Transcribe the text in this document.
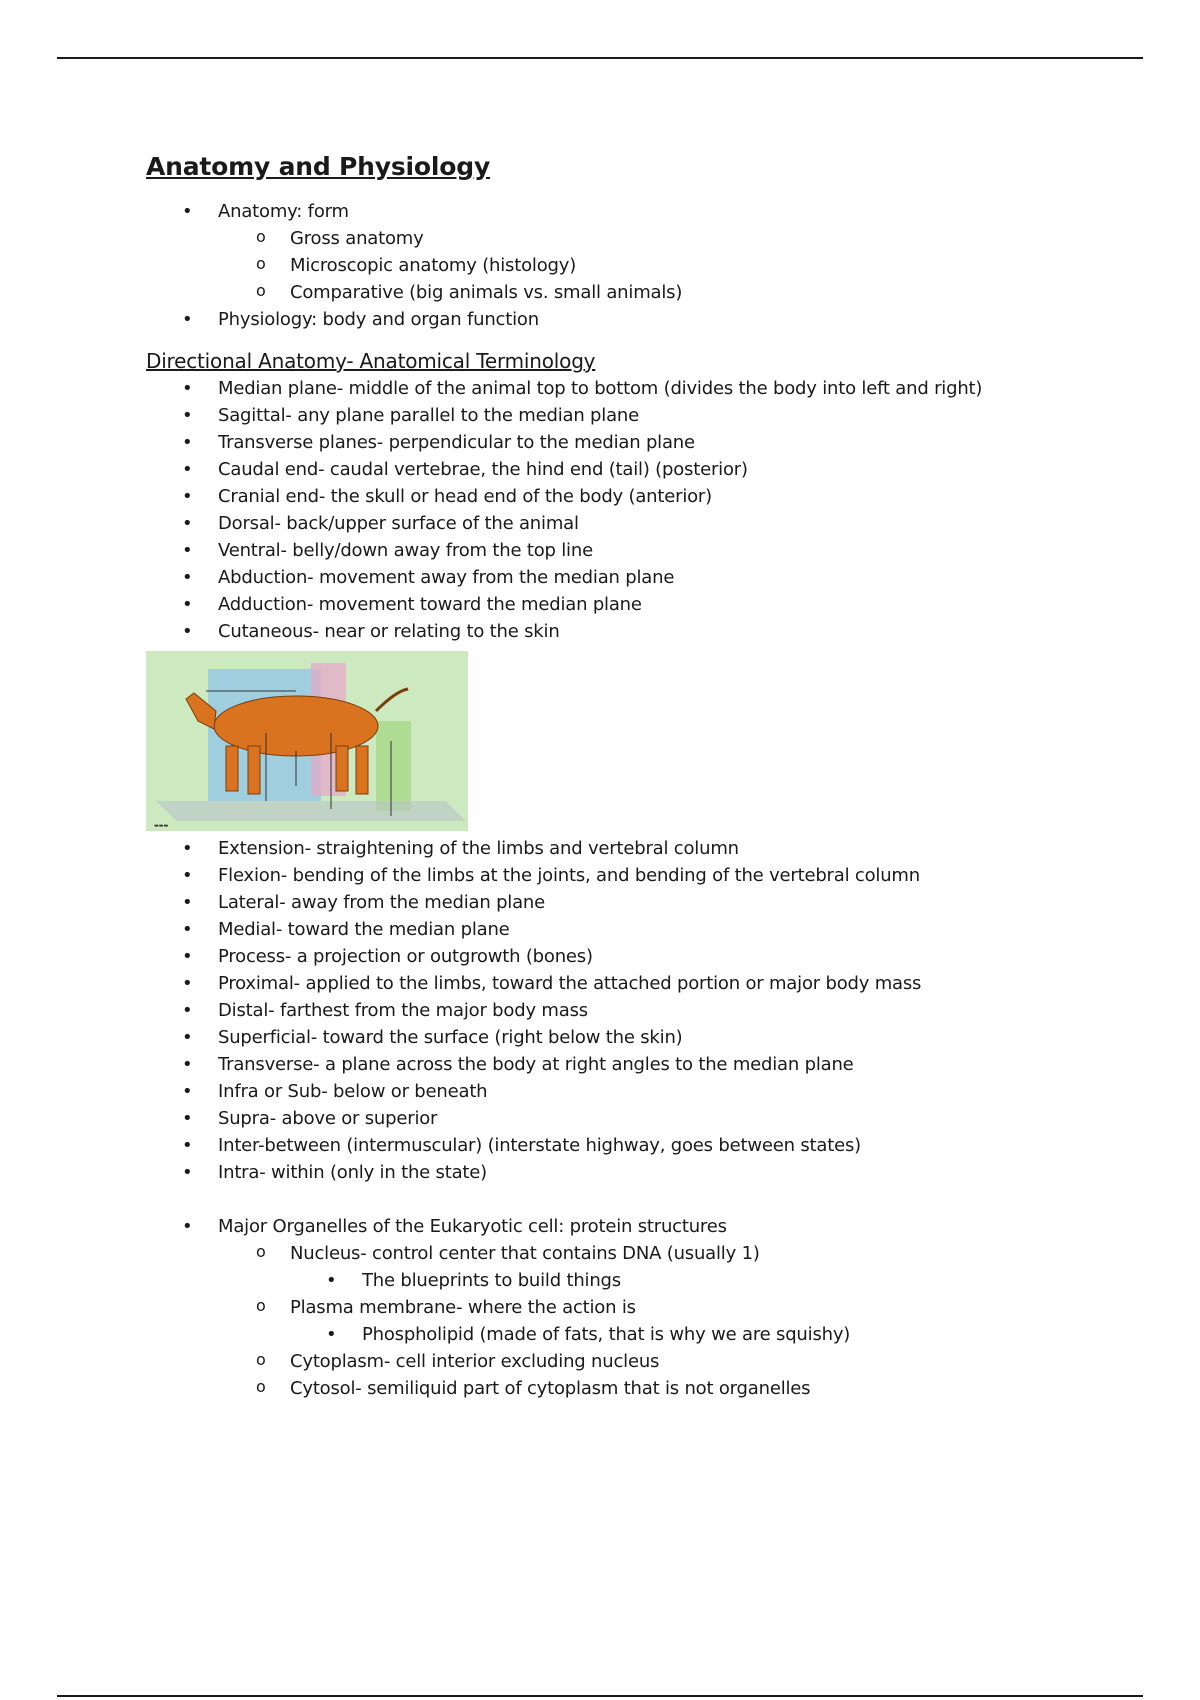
Anatomy and Physiology
• Anatomy: form
o Gross anatomy
o Microscopic anatomy (histology)
o Comparative (big animals vs. small animals)
• Physiology: body and organ function
Directional Anatomy- Anatomical Terminology
• Median plane- middle of the animal top to bottom (divides the body into left and right)
• Sagittal- any plane parallel to the median plane
• Transverse planes- perpendicular to the median plane
• Caudal end- caudal vertebrae, the hind end (tail) (posterior)
• Cranial end- the skull or head end of the body (anterior)
• Dorsal- back/upper surface of the animal
• Ventral- belly/down away from the top line
• Abduction- movement away from the median plane
• Adduction- movement toward the median plane
• Cutaneous- near or relating to the skin
▬▬▬
• Extension- straightening of the limbs and vertebral column
• Flexion- bending of the limbs at the joints, and bending of the vertebral column
• Lateral- away from the median plane
• Medial- toward the median plane
• Process- a projection or outgrowth (bones)
• Proximal- applied to the limbs, toward the attached portion or major body mass
• Distal- farthest from the major body mass
• Superficial- toward the surface (right below the skin)
• Transverse- a plane across the body at right angles to the median plane
• Infra or Sub- below or beneath
• Supra- above or superior
• Inter-between (intermuscular) (interstate highway, goes between states)
• Intra- within (only in the state)
• Major Organelles of the Eukaryotic cell: protein structures
o Nucleus- control center that contains DNA (usually 1)
• The blueprints to build things
o Plasma membrane- where the action is
• Phospholipid (made of fats, that is why we are squishy)
o Cytoplasm- cell interior excluding nucleus
o Cytosol- semiliquid part of cytoplasm that is not organelles
